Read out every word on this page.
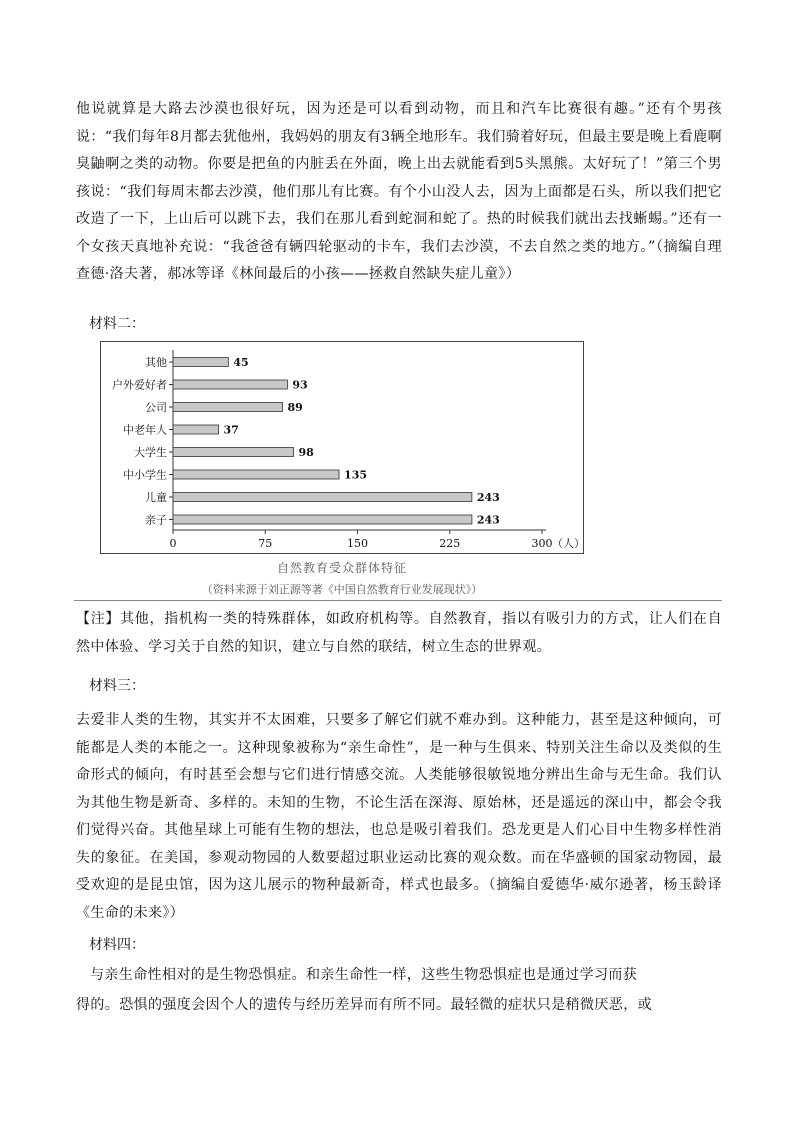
他说就算是大路去沙漠也很好玩，因为还是可以看到动物，而且和汽车比赛很有趣。”还有个男孩说：“我们每年8月都去犹他州，我妈妈的朋友有3辆全地形车。我们骑着好玩，但最主要是晚上看鹿啊臭鼬啊之类的动物。你要是把鱼的内脏丢在外面，晚上出去就能看到5头黑熊。太好玩了！”第三个男孩说：“我们每周末都去沙漠，他们那儿有比赛。有个小山没人去，因为上面都是石头，所以我们把它改造了一下，上山后可以跳下去，我们在那儿看到蛇洞和蛇了。热的时候我们就出去找蜥蜴。”还有一个女孩天真地补充说：“我爸爸有辆四轮驱动的卡车，我们去沙漠，不去自然之类的地方。”（摘编自理查德·洛夫著，郝冰等译《林间最后的小孩——拯救自然缺失症儿童》）

材料二：

其他	45
户外爱好者	93
公司	89
中老年人	37
大学生	98
中小学生	135
儿童	243
亲子	243
0	75	150	225	300 （人）

自然教育受众群体特征

（资料来源于刘正源等著《中国自然教育行业发展现状》）

【注】其他，指机构一类的特殊群体，如政府机构等。自然教育，指以有吸引力的方式，让人们在自然中体验、学习关于自然的知识，建立与自然的联结，树立生态的世界观。

材料三：

去爱非人类的生物，其实并不太困难，只要多了解它们就不难办到。这种能力，甚至是这种倾向，可能都是人类的本能之一。这种现象被称为“亲生命性”，是一种与生俱来、特别关注生命以及类似的生命形式的倾向，有时甚至会想与它们进行情感交流。人类能够很敏锐地分辨出生命与无生命。我们认为其他生物是新奇、多样的。未知的生物，不论生活在深海、原始林，还是遥远的深山中，都会令我们觉得兴奋。其他星球上可能有生物的想法，也总是吸引着我们。恐龙更是人们心目中生物多样性消失的象征。在美国，参观动物园的人数要超过职业运动比赛的观众数。而在华盛顿的国家动物园，最受欢迎的是昆虫馆，因为这儿展示的物种最新奇，样式也最多。（摘编自爱德华·威尔逊著，杨玉龄译《生命的未来》）

材料四：

与亲生命性相对的是生物恐惧症。和亲生命性一样，这些生物恐惧症也是通过学习而获

得的。恐惧的强度会因个人的遗传与经历差异而有所不同。最轻微的症状只是稍微厌恶，或
